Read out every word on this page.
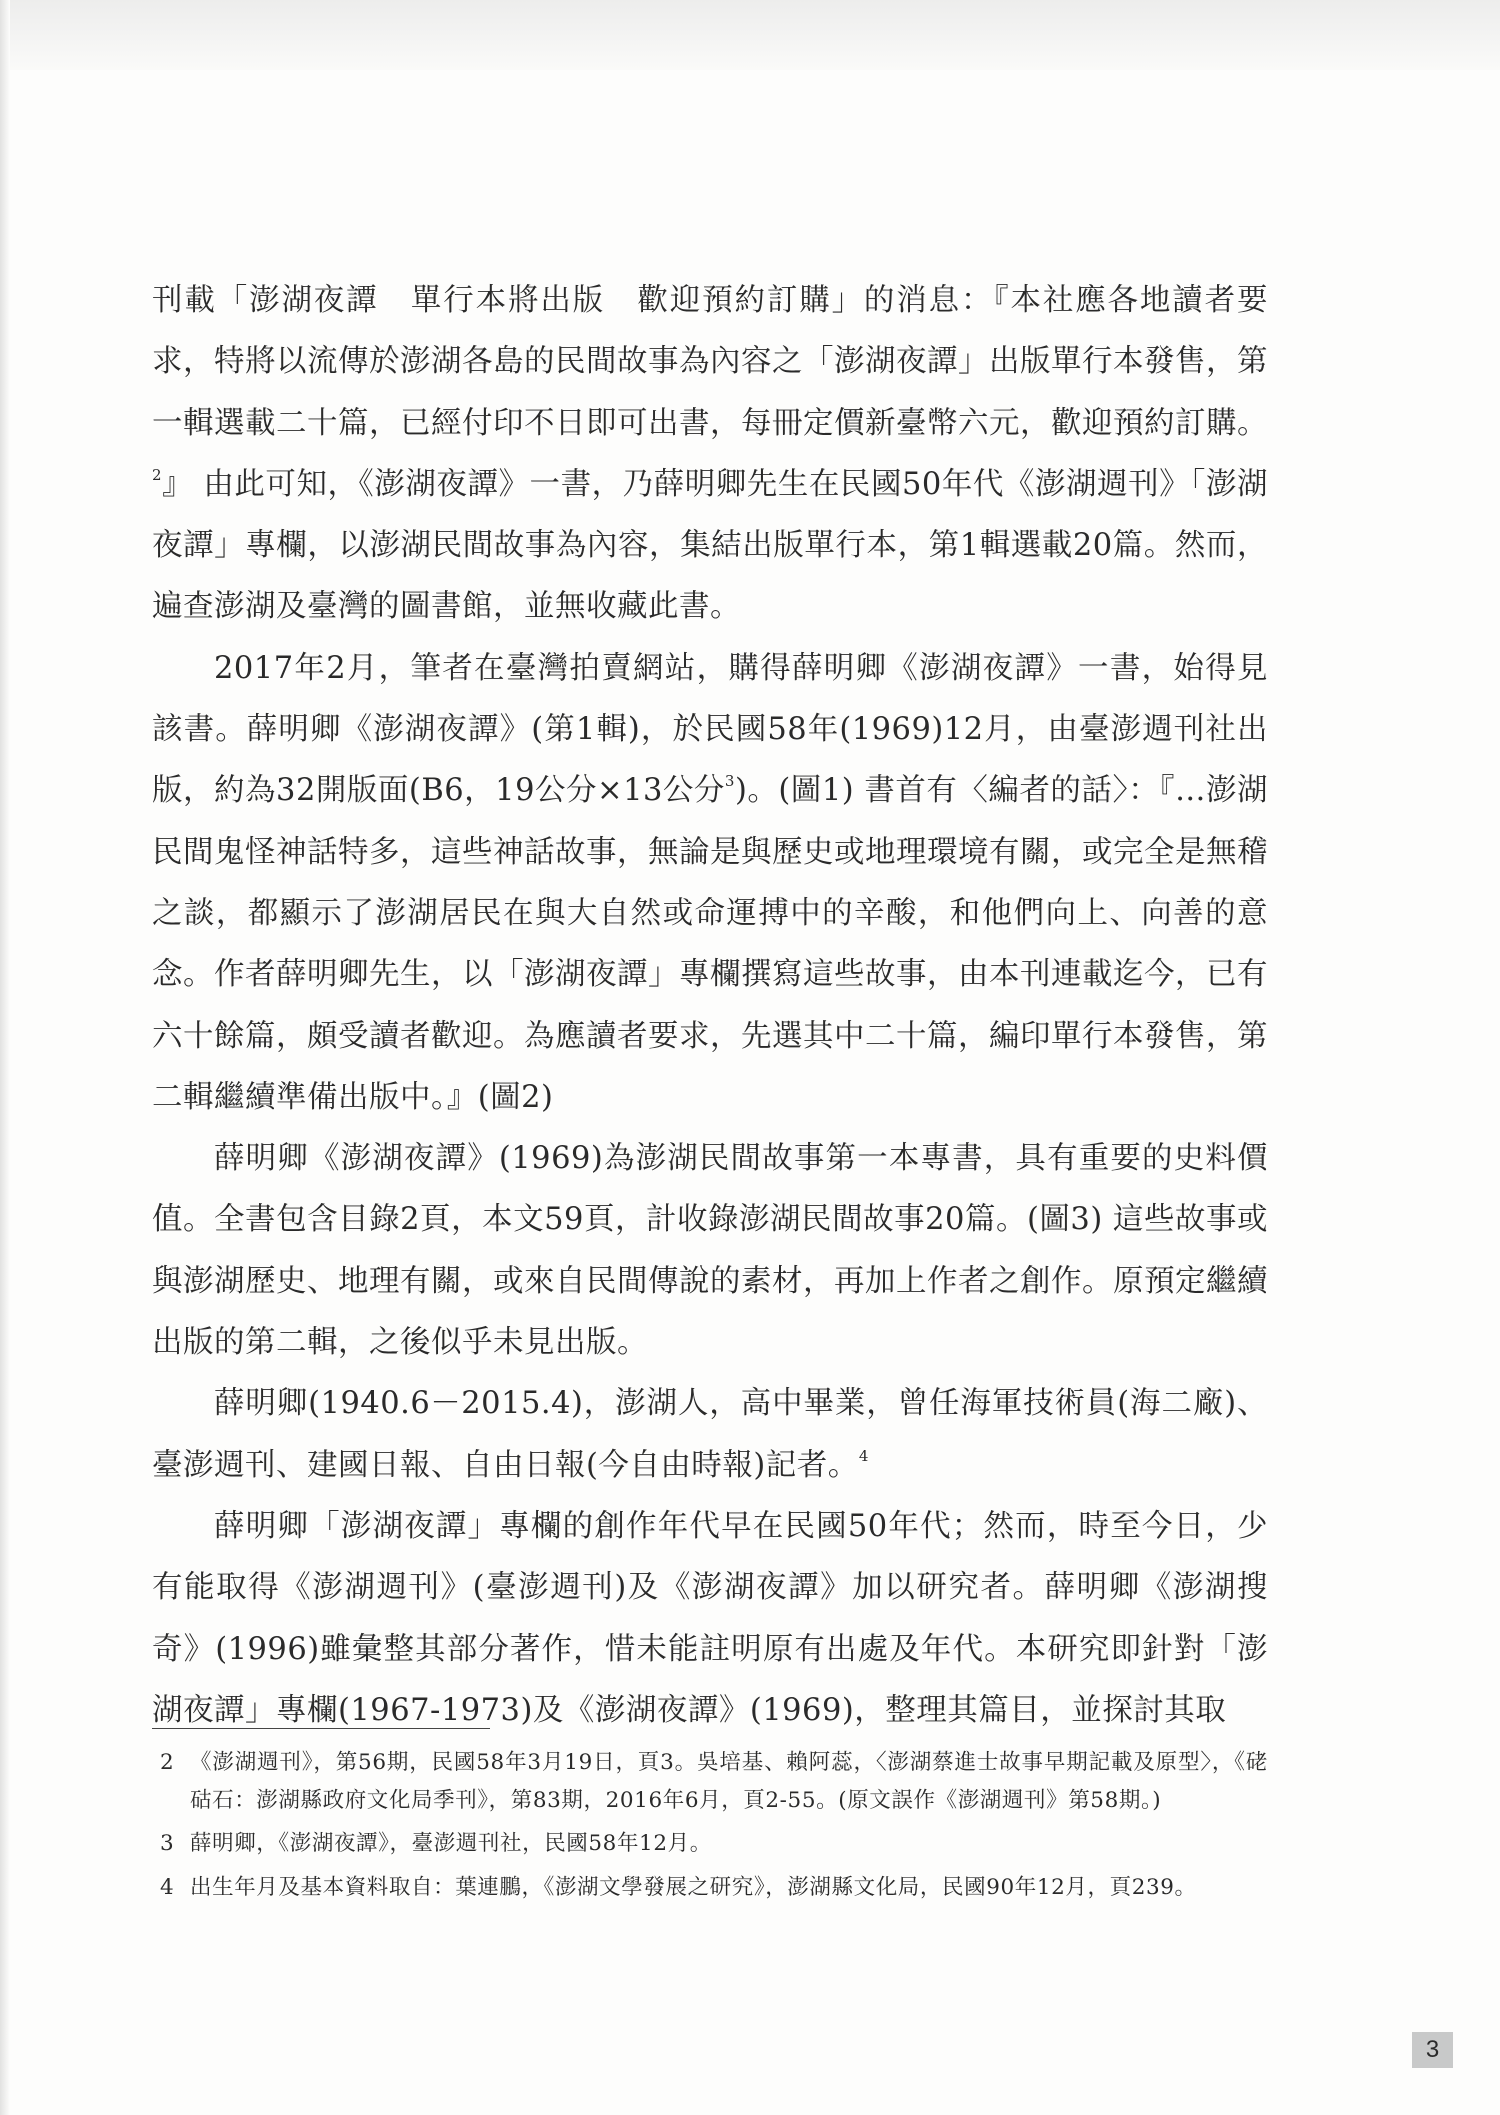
刊載「澎湖夜譚　單行本將出版　歡迎預約訂購」的消息：『本社應各地讀者要求，特將以流傳於澎湖各島的民間故事為內容之「澎湖夜譚」出版單行本發售，第一輯選載二十篇，已經付印不日即可出書，每冊定價新臺幣六元，歡迎預約訂購。$^2$』 由此可知，《澎湖夜譚》一書，乃薛明卿先生在民國50年代《澎湖週刊》「澎湖夜譚」專欄，以澎湖民間故事為內容，集結出版單行本，第1輯選載20篇。然而，遍查澎湖及臺灣的圖書館，並無收藏此書。

2017年2月，筆者在臺灣拍賣網站，購得薛明卿《澎湖夜譚》一書，始得見該書。薛明卿《澎湖夜譚》(第1輯)，於民國58年(1969)12月，由臺澎週刊社出版，約為32開版面(B6，19公分×13公分$^3$)。(圖1) 書首有〈編者的話〉：『…澎湖民間鬼怪神話特多，這些神話故事，無論是與歷史或地理環境有關，或完全是無稽之談，都顯示了澎湖居民在與大自然或命運搏中的辛酸，和他們向上、向善的意念。作者薛明卿先生，以「澎湖夜譚」專欄撰寫這些故事，由本刊連載迄今，已有六十餘篇，頗受讀者歡迎。為應讀者要求，先選其中二十篇，編印單行本發售，第二輯繼續準備出版中。』(圖2)

薛明卿《澎湖夜譚》(1969)為澎湖民間故事第一本專書，具有重要的史料價值。全書包含目錄2頁，本文59頁，計收錄澎湖民間故事20篇。(圖3) 這些故事或與澎湖歷史、地理有關，或來自民間傳說的素材，再加上作者之創作。原預定繼續出版的第二輯，之後似乎未見出版。

薛明卿(1940.6－2015.4)，澎湖人，高中畢業，曾任海軍技術員(海二廠)、臺澎週刊、建國日報、自由日報(今自由時報)記者。$^4$

薛明卿「澎湖夜譚」專欄的創作年代早在民國50年代；然而，時至今日，少有能取得《澎湖週刊》(臺澎週刊)及《澎湖夜譚》加以研究者。薛明卿《澎湖搜奇》(1996)雖彙整其部分著作，惜未能註明原有出處及年代。本研究即針對「澎湖夜譚」專欄(1967-1973)及《澎湖夜譚》(1969)，整理其篇目，並探討其取

2 《澎湖週刊》，第56期，民國58年3月19日，頁3。吳培基、賴阿蕊，〈澎湖蔡進士故事早期記載及原型〉，《硓𥑮石：澎湖縣政府文化局季刊》，第83期，2016年6月，頁2-55。(原文誤作《澎湖週刊》第58期。)

3 薛明卿，《澎湖夜譚》，臺澎週刊社，民國58年12月。

4 出生年月及基本資料取自：葉連鵬，《澎湖文學發展之研究》，澎湖縣文化局，民國90年12月，頁239。

3
